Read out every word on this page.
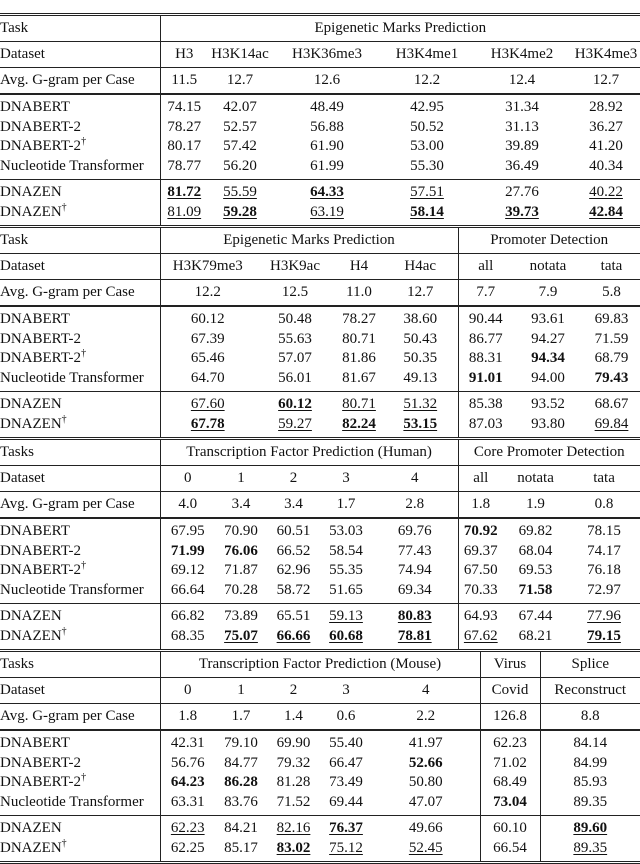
Task	Epigenetic Marks Prediction					
Dataset	H3	H3K14ac	H3K36me3	H3K4me1	H3K4me2	H3K4me3
Avg. G-gram per Case	11.5	12.7	12.6	12.2	12.4	12.7
DNABERT	74.15	42.07	48.49	42.95	31.34	28.92
DNABERT-2	78.27	52.57	56.88	50.52	31.13	36.27
DNABERT-2†	80.17	57.42	61.90	53.00	39.89	41.20
Nucleotide Transformer	78.77	56.20	61.99	55.30	36.49	40.34
DNAZEN	81.72	55.59	64.33	57.51	27.76	40.22
DNAZEN†	81.09	59.28	63.19	58.14	39.73	42.84
Task	Epigenetic Marks Prediction				Promoter Detection		
Dataset	H3K79me3	H3K9ac	H4	H4ac	all	notata	tata
Avg. G-gram per Case	12.2	12.5	11.0	12.7	7.7	7.9	5.8
DNABERT	60.12	50.48	78.27	38.60	90.44	93.61	69.83
DNABERT-2	67.39	55.63	80.71	50.43	86.77	94.27	71.59
DNABERT-2†	65.46	57.07	81.86	50.35	88.31	94.34	68.79
Nucleotide Transformer	64.70	56.01	81.67	49.13	91.01	94.00	79.43
DNAZEN	67.60	60.12	80.71	51.32	85.38	93.52	68.67
DNAZEN†	67.78	59.27	82.24	53.15	87.03	93.80	69.84
Tasks	Transcription Factor Prediction (Human)					Core Promoter Detection		
Dataset	0	1	2	3	4	all	notata	tata
Avg. G-gram per Case	4.0	3.4	3.4	1.7	2.8	1.8	1.9	0.8
DNABERT	67.95	70.90	60.51	53.03	69.76	70.92	69.82	78.15
DNABERT-2	71.99	76.06	66.52	58.54	77.43	69.37	68.04	74.17
DNABERT-2†	69.12	71.87	62.96	55.35	74.94	67.50	69.53	76.18
Nucleotide Transformer	66.64	70.28	58.72	51.65	69.34	70.33	71.58	72.97
DNAZEN	66.82	73.89	65.51	59.13	80.83	64.93	67.44	77.96
DNAZEN†	68.35	75.07	66.66	60.68	78.81	67.62	68.21	79.15
Tasks	Transcription Factor Prediction (Mouse)					Virus	Splice
Dataset	0	1	2	3	4	Covid	Reconstruct
Avg. G-gram per Case	1.8	1.7	1.4	0.6	2.2	126.8	8.8
DNABERT	42.31	79.10	69.90	55.40	41.97	62.23	84.14
DNABERT-2	56.76	84.77	79.32	66.47	52.66	71.02	84.99
DNABERT-2†	64.23	86.28	81.28	73.49	50.80	68.49	85.93
Nucleotide Transformer	63.31	83.76	71.52	69.44	47.07	73.04	89.35
DNAZEN	62.23	84.21	82.16	76.37	49.66	60.10	89.60
DNAZEN†	62.25	85.17	83.02	75.12	52.45	66.54	89.35
